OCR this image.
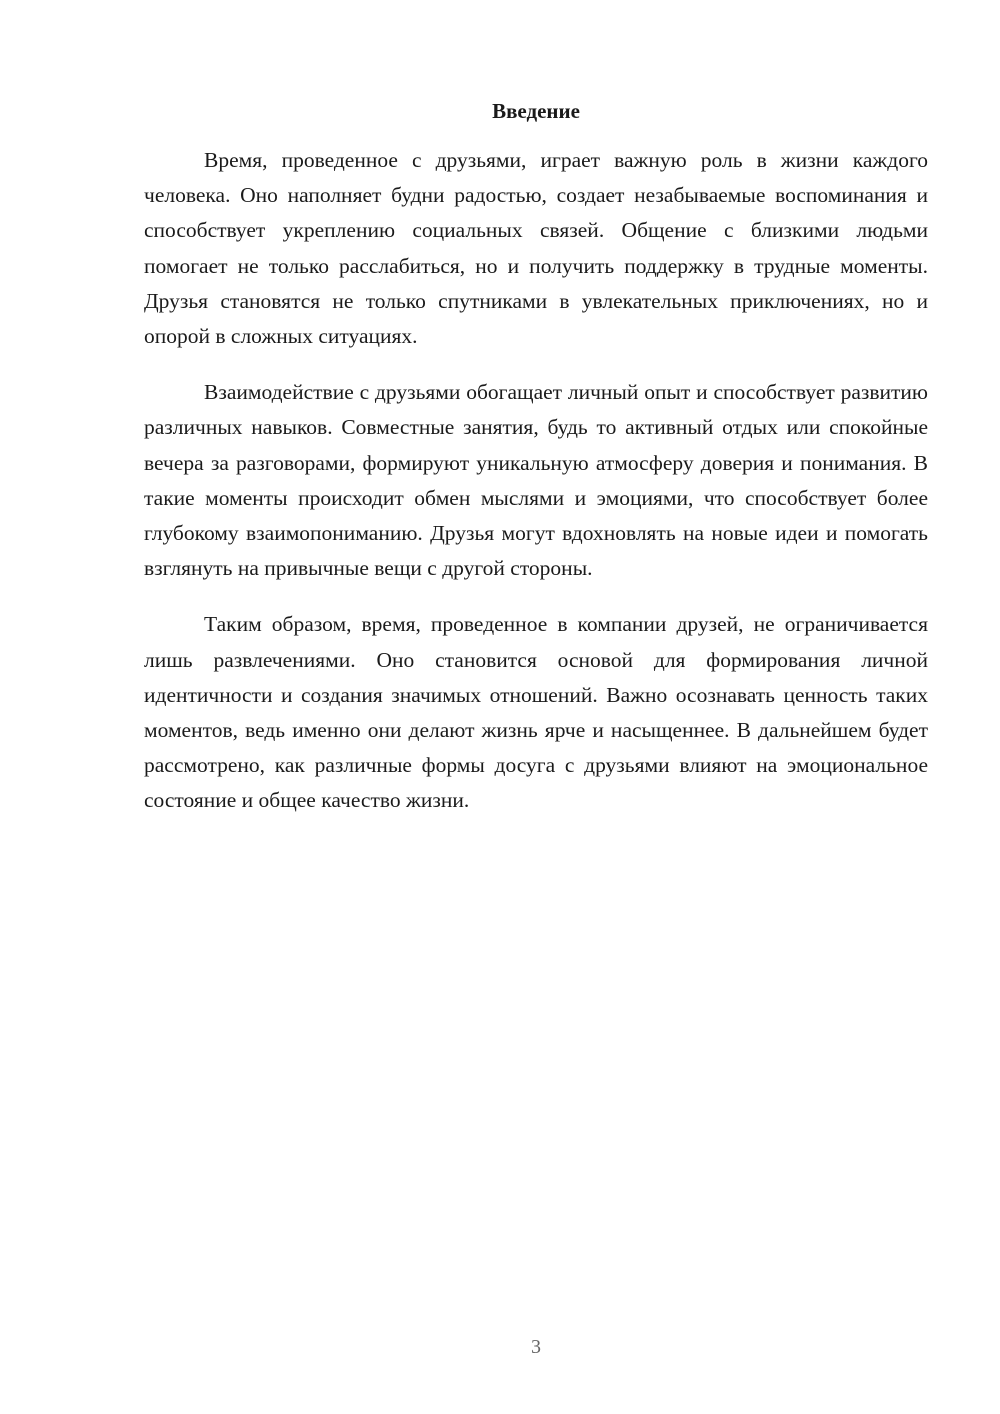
Введение

Время, проведенное с друзьями, играет важную роль в жизни каждого человека. Оно наполняет будни радостью, создает незабываемые воспоминания и способствует укреплению социальных связей. Общение с близкими людьми помогает не только расслабиться, но и получить поддержку в трудные моменты. Друзья становятся не только спутниками в увлекательных приключениях, но и опорой в сложных ситуациях.

Взаимодействие с друзьями обогащает личный опыт и способствует развитию различных навыков. Совместные занятия, будь то активный отдых или спокойные вечера за разговорами, формируют уникальную атмосферу доверия и понимания. В такие моменты происходит обмен мыслями и эмоциями, что способствует более глубокому взаимопониманию. Друзья могут вдохновлять на новые идеи и помогать взглянуть на привычные вещи с другой стороны.

Таким образом, время, проведенное в компании друзей, не ограничивается лишь развлечениями. Оно становится основой для формирования личной идентичности и создания значимых отношений. Важно осознавать ценность таких моментов, ведь именно они делают жизнь ярче и насыщеннее. В дальнейшем будет рассмотрено, как различные формы досуга с друзьями влияют на эмоциональное состояние и общее качество жизни.

3
